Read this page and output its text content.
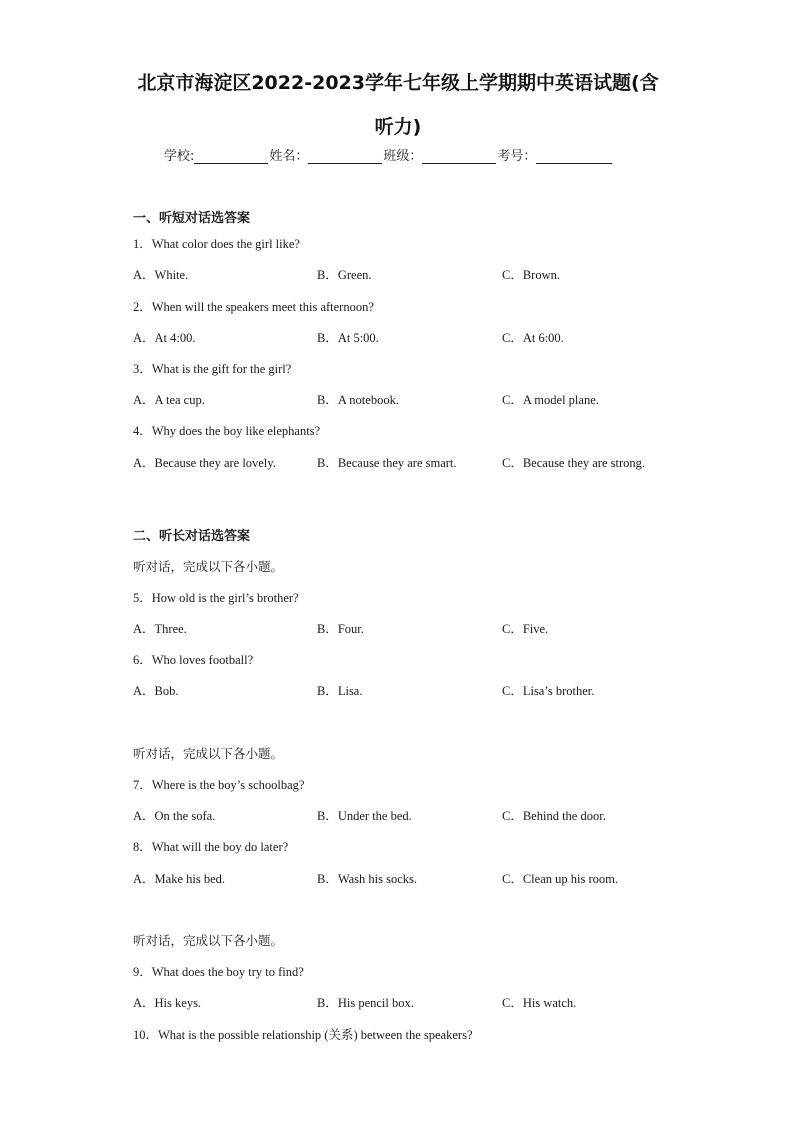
北京市海淀区2022-2023学年七年级上学期期中英语试题(含
听力)
学校:	姓名：	班级：	考号：
一、听短对话选答案
1．What color does the girl like?
A．White.	B．Green.	C．Brown.
2．When will the speakers meet this afternoon?
A．At 4:00.	B．At 5:00.	C．At 6:00.
3．What is the gift for the girl?
A．A tea cup.	B．A notebook.	C．A model plane.
4．Why does the boy like elephants?
A．Because they are lovely.	B．Because they are smart.	C．Because they are strong.
二、听长对话选答案
听对话，完成以下各小题。
5．How old is the girl’s brother?
A．Three.	B．Four.	C．Five.
6．Who loves football?
A．Bob.	B．Lisa.	C．Lisa’s brother.
听对话，完成以下各小题。
7．Where is the boy’s schoolbag?
A．On the sofa.	B．Under the bed.	C．Behind the door.
8．What will the boy do later?
A．Make his bed.	B．Wash his socks.	C．Clean up his room.
听对话，完成以下各小题。
9．What does the boy try to find?
A．His keys.	B．His pencil box.	C．His watch.
10．What is the possible relationship (关系) between the speakers?
